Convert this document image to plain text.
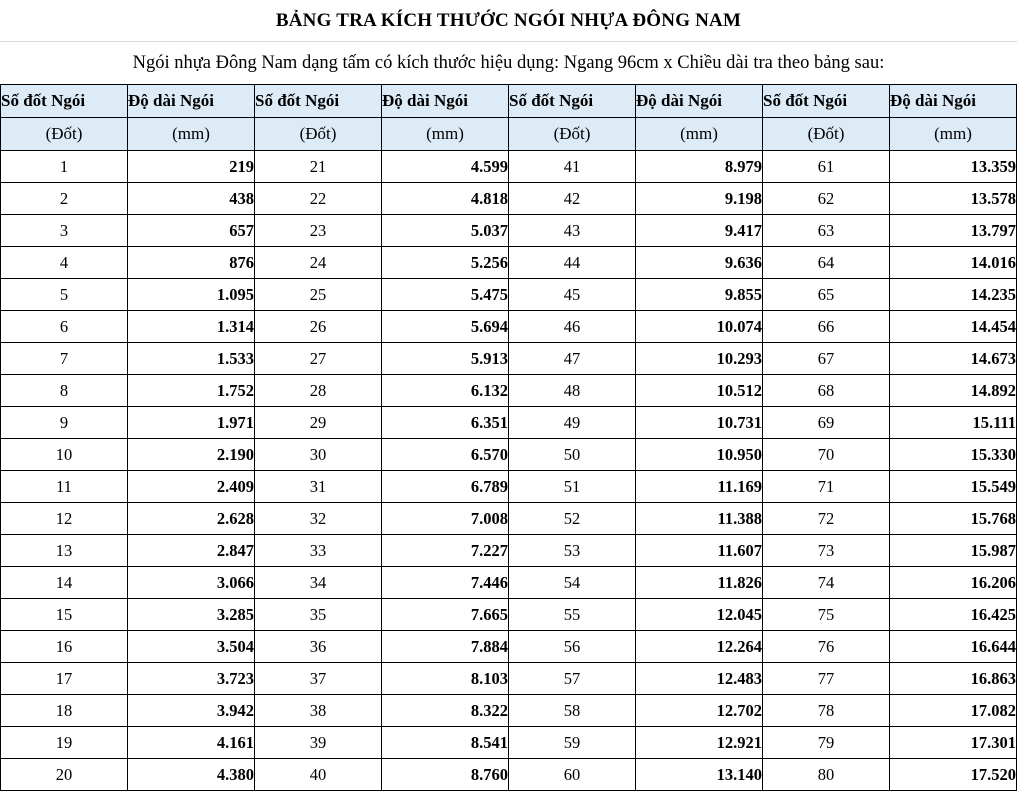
BẢNG TRA KÍCH THƯỚC NGÓI NHỰA ĐÔNG NAM
Ngói nhựa Đông Nam dạng tấm có kích thước hiệu dụng: Ngang 96cm x Chiều dài tra theo bảng sau:
Số đốt Ngói	Độ dài Ngói	Số đốt Ngói	Độ dài Ngói	Số đốt Ngói	Độ dài Ngói	Số đốt Ngói	Độ dài Ngói
(Đốt)	(mm)	(Đốt)	(mm)	(Đốt)	(mm)	(Đốt)	(mm)
1	219	21	4.599	41	8.979	61	13.359
2	438	22	4.818	42	9.198	62	13.578
3	657	23	5.037	43	9.417	63	13.797
4	876	24	5.256	44	9.636	64	14.016
5	1.095	25	5.475	45	9.855	65	14.235
6	1.314	26	5.694	46	10.074	66	14.454
7	1.533	27	5.913	47	10.293	67	14.673
8	1.752	28	6.132	48	10.512	68	14.892
9	1.971	29	6.351	49	10.731	69	15.111
10	2.190	30	6.570	50	10.950	70	15.330
11	2.409	31	6.789	51	11.169	71	15.549
12	2.628	32	7.008	52	11.388	72	15.768
13	2.847	33	7.227	53	11.607	73	15.987
14	3.066	34	7.446	54	11.826	74	16.206
15	3.285	35	7.665	55	12.045	75	16.425
16	3.504	36	7.884	56	12.264	76	16.644
17	3.723	37	8.103	57	12.483	77	16.863
18	3.942	38	8.322	58	12.702	78	17.082
19	4.161	39	8.541	59	12.921	79	17.301
20	4.380	40	8.760	60	13.140	80	17.520
